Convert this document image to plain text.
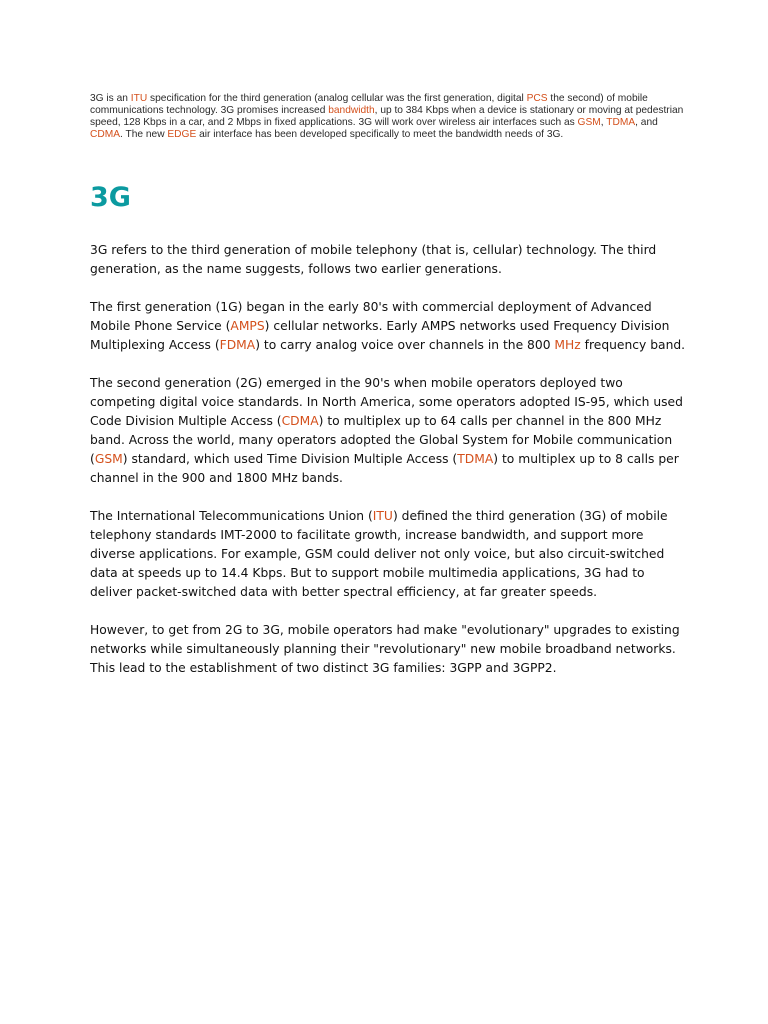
3G is an ITU specification for the third generation (analog cellular was the first generation, digital PCS the second) of mobile communications technology. 3G promises increased bandwidth, up to 384 Kbps when a device is stationary or moving at pedestrian speed, 128 Kbps in a car, and 2 Mbps in fixed applications. 3G will work over wireless air interfaces such as GSM, TDMA, and CDMA. The new EDGE air interface has been developed specifically to meet the bandwidth needs of 3G.
3G

3G refers to the third generation of mobile telephony (that is, cellular) technology. The third generation, as the name suggests, follows two earlier generations.

The first generation (1G) began in the early 80's with commercial deployment of Advanced Mobile Phone Service (AMPS) cellular networks. Early AMPS networks used Frequency Division Multiplexing Access (FDMA) to carry analog voice over channels in the 800 MHz frequency band.

The second generation (2G) emerged in the 90's when mobile operators deployed two competing digital voice standards. In North America, some operators adopted IS-95, which used Code Division Multiple Access (CDMA) to multiplex up to 64 calls per channel in the 800 MHz band. Across the world, many operators adopted the Global System for Mobile communication (GSM) standard, which used Time Division Multiple Access (TDMA) to multiplex up to 8 calls per channel in the 900 and 1800 MHz bands.

The International Telecommunications Union (ITU) defined the third generation (3G) of mobile telephony standards IMT-2000 to facilitate growth, increase bandwidth, and support more diverse applications. For example, GSM could deliver not only voice, but also circuit-switched data at speeds up to 14.4 Kbps. But to support mobile multimedia applications, 3G had to deliver packet-switched data with better spectral efficiency, at far greater speeds.

However, to get from 2G to 3G, mobile operators had make "evolutionary" upgrades to existing networks while simultaneously planning their "revolutionary" new mobile broadband networks. This lead to the establishment of two distinct 3G families: 3GPP and 3GPP2.
